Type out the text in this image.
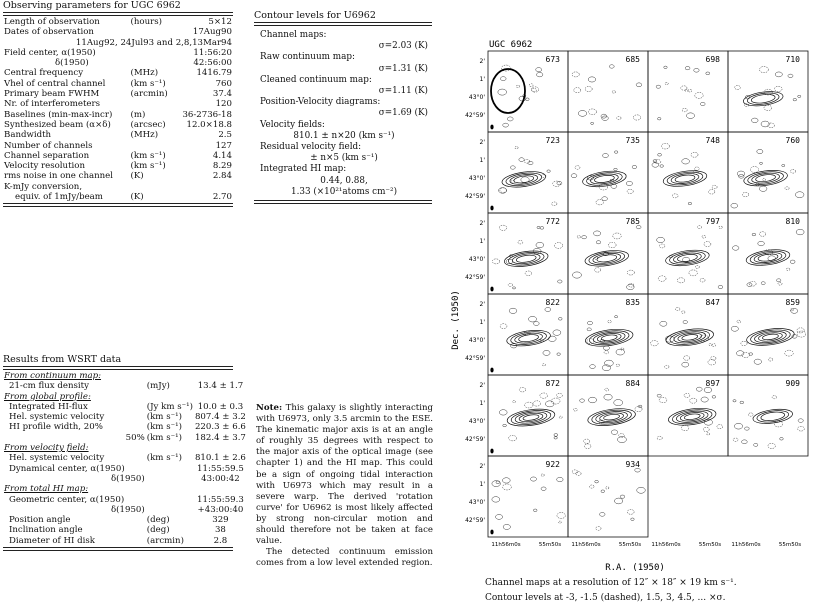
Observing parameters for UGC 6962
Length of observation	(hours)	5×12
Dates of observation		17Aug90
11Aug92, 24Jul93 and 2,8,13Mar94		
Field center, α(1950)		11:56:20
δ(1950)		42:56:00
Central frequency	(MHz)	1416.79
Vhel of central channel	(km s⁻¹)	760
Primary beam FWHM	(arcmin)	37.4
Nr. of interferometers		120
Baselines (min-max-incr)	(m)	36-2736-18
Synthesized beam (α×δ)	(arcsec)	12.0×18.8
Bandwidth	(MHz)	2.5
Number of channels		127
Channel separation	(km s⁻¹)	4.14
Velocity resolution	(km s⁻¹)	8.29
rms noise in one channel	(K)	2.84
K-mJy conversion,		
equiv. of 1mJy/beam	(K)	2.70
Contour levels for U6962
Channel maps:
σ=2.03 (K)
Raw continuum map:
σ=1.31 (K)
Cleaned continuum map:
σ=1.11 (K)
Position-Velocity diagrams:
σ=1.69 (K)
Velocity fields:
810.1 ± n×20 (km s⁻¹)
Residual velocity field:
± n×5 (km s⁻¹)
Integrated HI map:
0.44, 0.88,
1.33 (×10²¹atoms cm⁻²)
Results from WSRT data
From continuum map:		
21-cm flux density	(mJy)	13.4 ± 1.7
From global profile:		
Integrated HI-flux	(Jy km s⁻¹)	10.0 ± 0.3
Hel. systemic velocity	(km s⁻¹)	807.4 ± 3.2
HI profile width, 20%	(km s⁻¹)	220.3 ± 6.6
50%	(km s⁻¹)	182.4 ± 3.7
From velocity field:		
Hel. systemic velocity	(km s⁻¹)	810.1 ± 2.6
Dynamical center, α(1950)		11:55:59.5
δ(1950)		43:00:42
From total HI map:		
Geometric center, α(1950)		11:55:59.3
δ(1950)		+43:00:40
Position angle	(deg)	329
Inclination angle	(deg)	38
Diameter of HI disk	(arcmin)	2.8
Note: This galaxy is slightly interacting with U6973, only 3.5 arcmin to the ESE. The kinematic major axis is at an angle of roughly 35 degrees with respect to the major axis of the optical image (see chapter 1) and the HI map. This could be a sign of ongoing tidal interaction with U6973 which may result in a severe warp. The derived 'rotation curve' for U6962 is most likely affected by strong non-circular motion and should therefore not be taken at face value.
The detected continuum emission comes from a low level extended region.
UGC 6962
Dec. (1950)
R.A. (1950)
673	685	698	710
723	735	748	760
772	785	797	810
822	835	847	859
872	884	897	909
922	934
2'
1'
43°0'
42°59'
2'
1'
43°0'
42°59'
2'
1'
43°0'
42°59'
2'
1'
43°0'
42°59'
2'
1'
43°0'
42°59'
2'
1'
43°0'
42°59'
11h56m0s	55m50s 11h56m0s	55m50s 11h56m0s	55m50s 11h56m0s	55m50s
Channel maps at a resolution of 12″ × 18″ × 19 km s⁻¹.
Contour levels at -3, -1.5 (dashed), 1.5, 3, 4.5, ... ×σ.
